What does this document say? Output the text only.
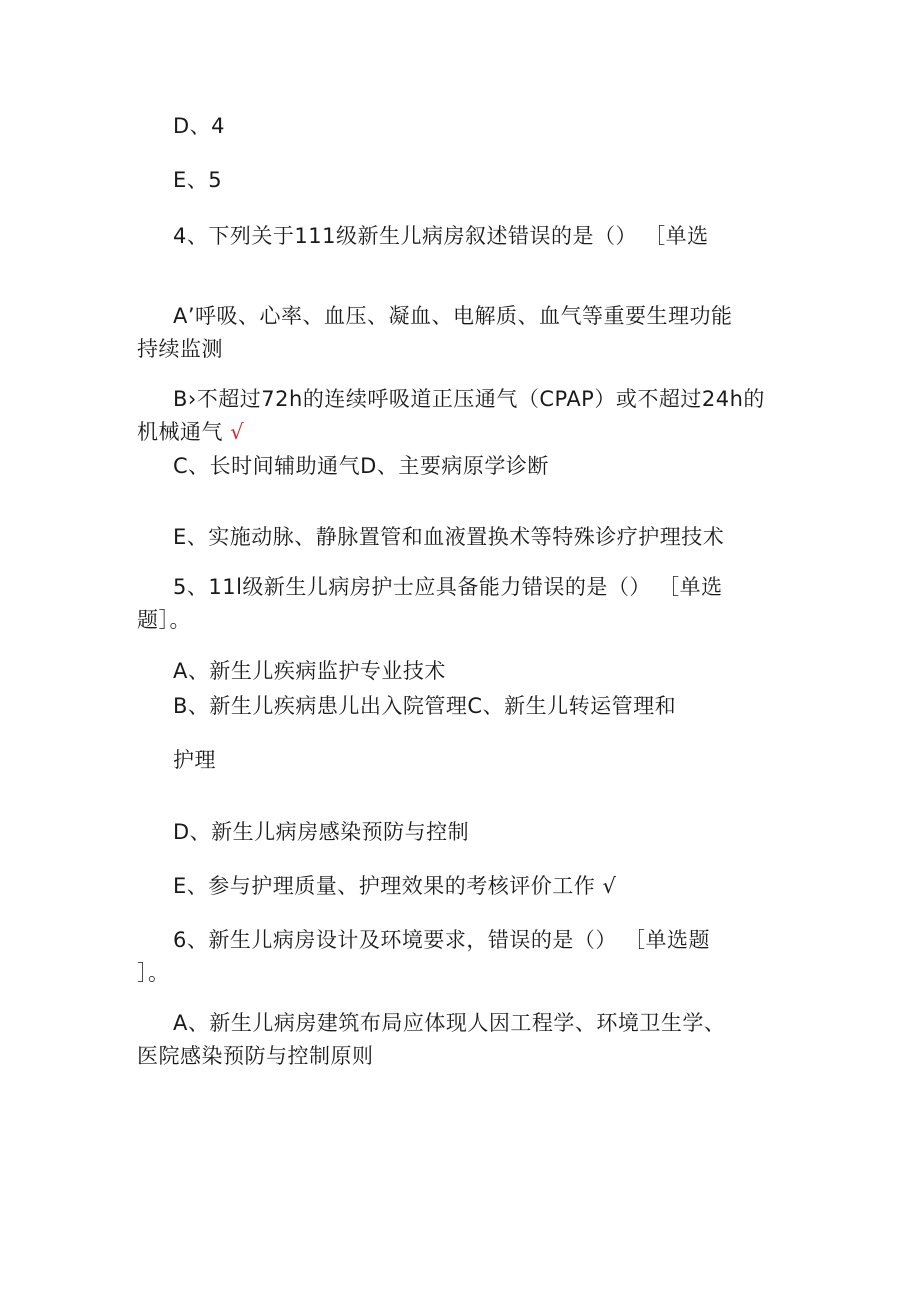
D、4
E、5
4、下列关于111级新生儿病房叙述错误的是（） ［单选
A’呼吸、心率、血压、凝血、电解质、血气等重要生理功能
持续监测
B›不超过72h的连续呼吸道正压通气（CPAP）或不超过24h的
机械通气 √
C、长时间辅助通气D、主要病原学诊断
E、实施动脉、静脉置管和血液置换术等特殊诊疗护理技术
5、11l级新生儿病房护士应具备能力错误的是（） ［单选
题］。
A、新生儿疾病监护专业技术
B、新生儿疾病患儿出入院管理C、新生儿转运管理和
护理
D、新生儿病房感染预防与控制
E、参与护理质量、护理效果的考核评价工作 √
6、新生儿病房设计及环境要求，错误的是（） ［单选题
］。
A、新生儿病房建筑布局应体现人因工程学、环境卫生学、
医院感染预防与控制原则
